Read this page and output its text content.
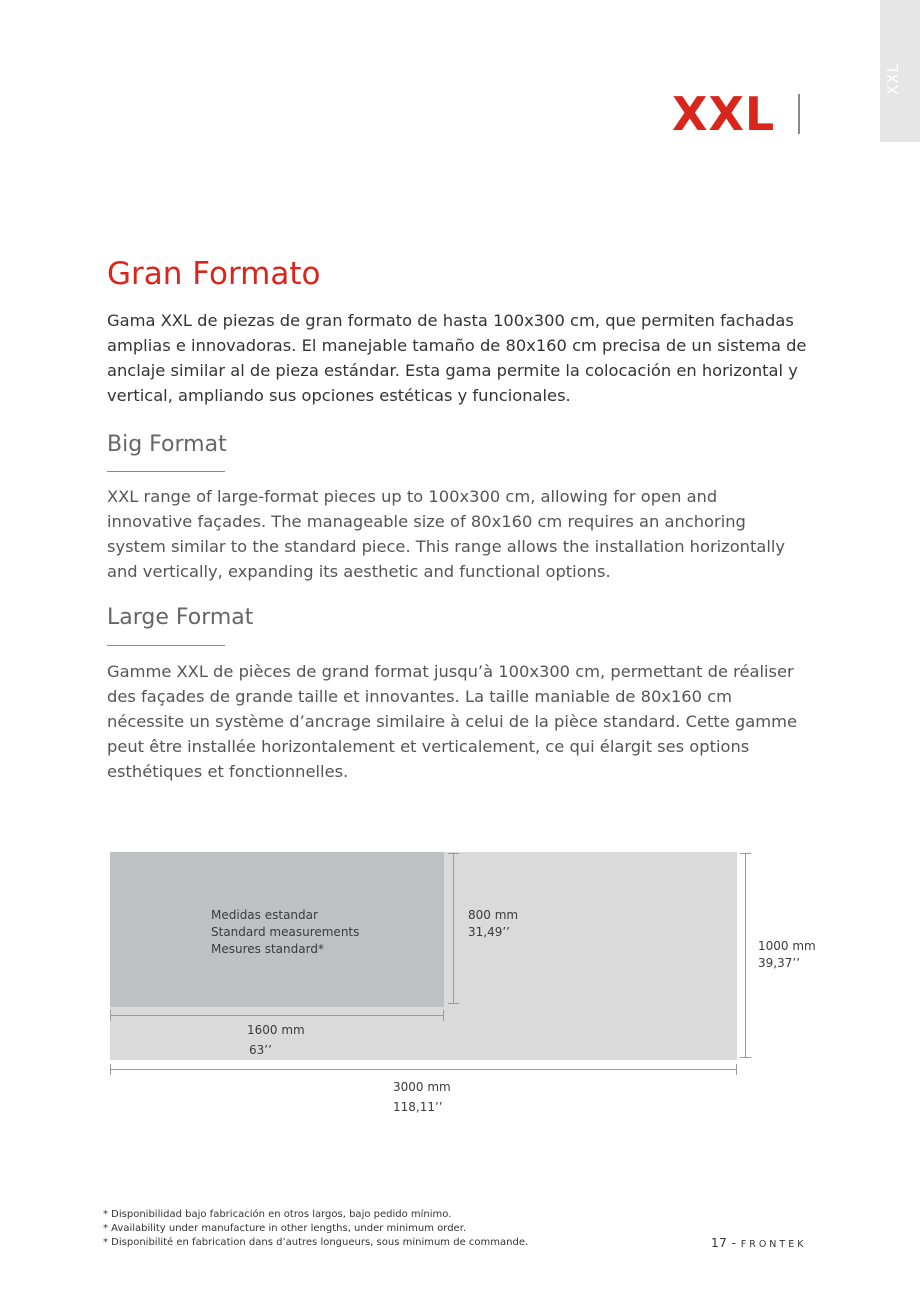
XXL
XXL
Gran Formato

Gama XXL de piezas de gran formato de hasta 100x300 cm, que permiten fachadas amplias e innovadoras. El manejable tamaño de 80x160 cm precisa de un sistema de anclaje similar al de pieza estándar. Esta gama permite la colocación en horizontal y vertical, ampliando sus opciones estéticas y funcionales.

Big Format

XXL range of large-format pieces up to 100x300 cm, allowing for open and innovative façades. The manageable size of 80x160 cm requires an anchoring system similar to the standard piece. This range allows the installation horizontally and vertically, expanding its aesthetic and functional options.

Large Format

Gamme XXL de pièces de grand format jusqu’à 100x300 cm, permettant de réaliser des façades de grande taille et innovantes. La taille maniable de 80x160 cm nécessite un système d’ancrage similaire à celui de la pièce standard. Cette gamme peut être installée horizontalement et verticalement, ce qui élargit ses options esthétiques et fonctionnelles.

Medidas estandar
Standard measurements
Mesures standard*
800 mm
31,49’’
1000 mm
39,37’’
1600 mm
63’’
3000 mm
118,11’’
* Disponibilidad bajo fabricación en otros largos, bajo pedido mínimo.
* Availability under manufacture in other lengths, under minimum order.
* Disponibilité en fabrication dans d’autres longueurs, sous minimum de commande.	17 - FRONTEK
